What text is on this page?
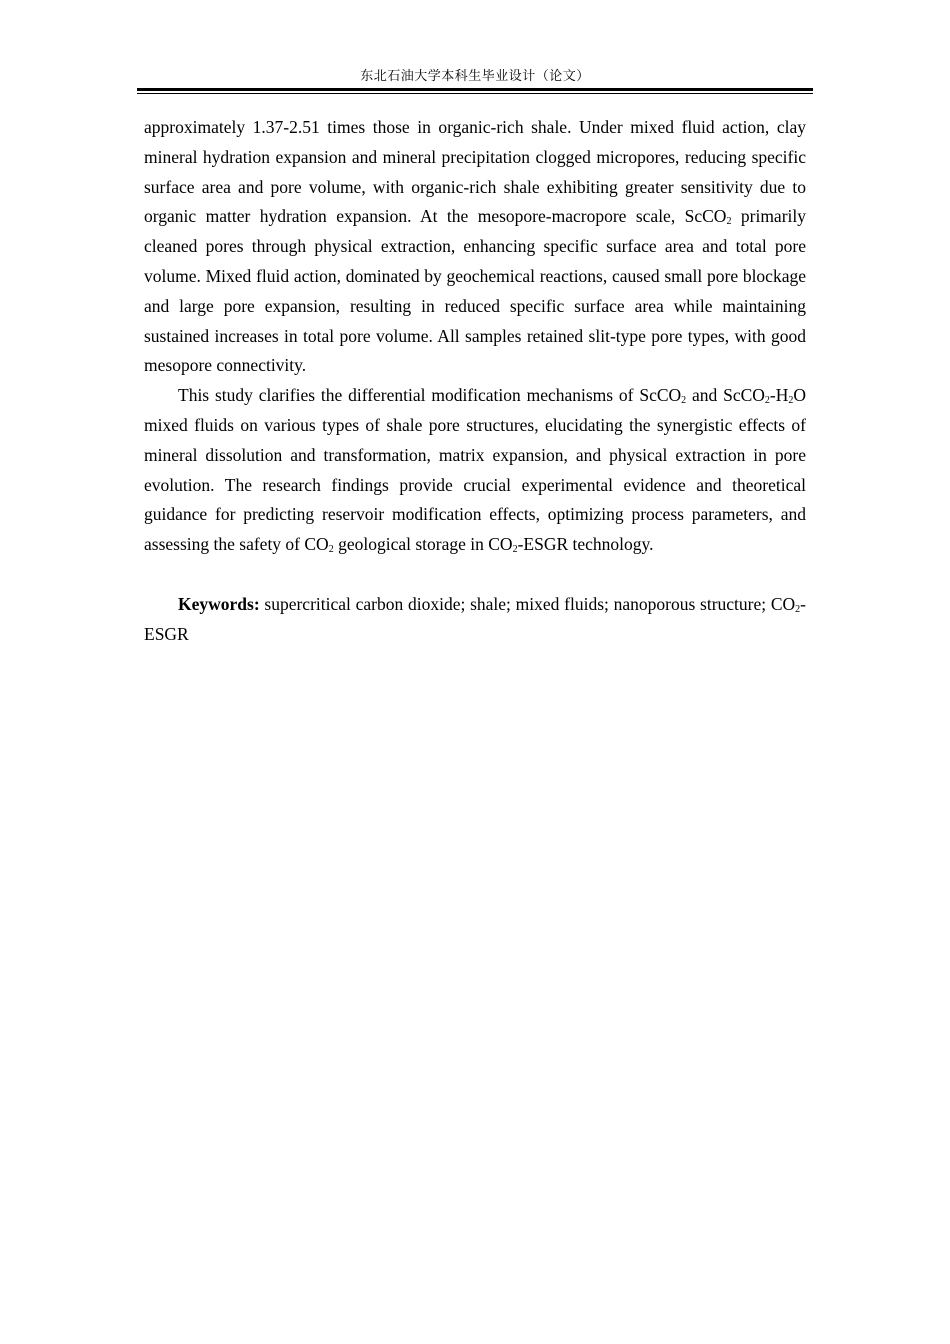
东北石油大学本科生毕业设计（论文）

approximately 1.37-2.51 times those in organic-rich shale. Under mixed fluid action, clay mineral hydration expansion and mineral precipitation clogged micropores, reducing specific surface area and pore volume, with organic-rich shale exhibiting greater sensitivity due to organic matter hydration expansion. At the mesopore-macropore scale, ScCO$_2$ primarily cleaned pores through physical extraction, enhancing specific surface area and total pore volume. Mixed fluid action, dominated by geochemical reactions, caused small pore blockage and large pore expansion, resulting in reduced specific surface area while maintaining sustained increases in total pore volume. All samples retained slit-type pore types, with good mesopore connectivity.

This study clarifies the differential modification mechanisms of ScCO$_2$ and $ScCO_2-H_2O$ mixed fluids on various types of shale pore structures, elucidating the synergistic effects of mineral dissolution and transformation, matrix expansion, and physical extraction in pore evolution. The research findings provide crucial experimental evidence and theoretical guidance for predicting reservoir modification effects, optimizing process parameters, and assessing the safety of $CO_2$ geological storage in $CO_2$-ESGR technology.

Keywords: supercritical carbon dioxide; shale; mixed fluids; nanoporous structure; $CO_2$-ESGR
